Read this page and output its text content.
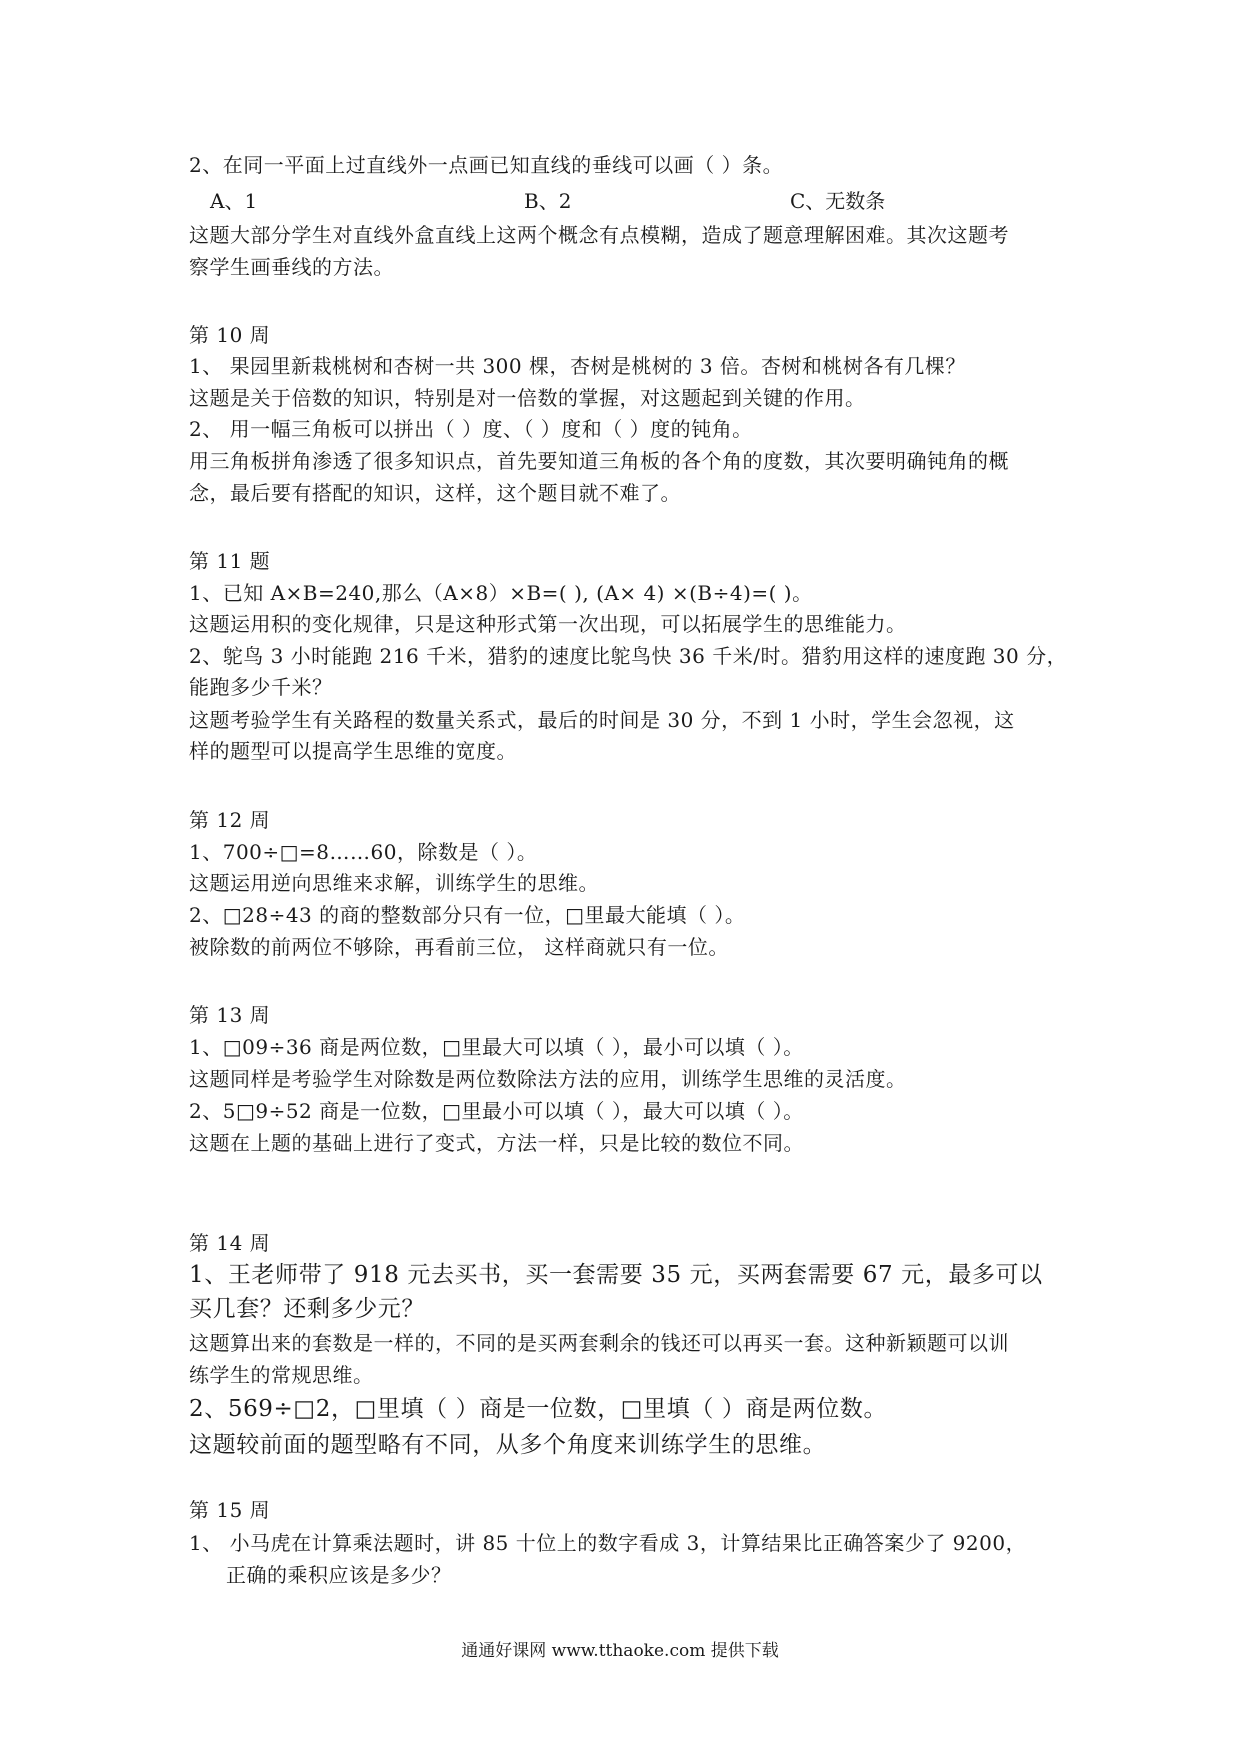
2、在同一平面上过直线外一点画已知直线的垂线可以画（ ）条。
A、1	B、2	C、无数条
这题大部分学生对直线外盒直线上这两个概念有点模糊，造成了题意理解困难。其次这题考
察学生画垂线的方法。
第 10 周
1、 果园里新栽桃树和杏树一共 300 棵，杏树是桃树的 3 倍。杏树和桃树各有几棵？
这题是关于倍数的知识，特别是对一倍数的掌握，对这题起到关键的作用。
2、 用一幅三角板可以拼出（ ）度、（ ）度和（ ）度的钝角。
用三角板拼角渗透了很多知识点，首先要知道三角板的各个角的度数，其次要明确钝角的概
念，最后要有搭配的知识，这样，这个题目就不难了。
第 11 题
1、已知 A×B=240,那么（A×8）×B=( ), (A× 4) ×(B÷4)=( )。
这题运用积的变化规律，只是这种形式第一次出现，可以拓展学生的思维能力。
2、鸵鸟 3 小时能跑 216 千米，猎豹的速度比鸵鸟快 36 千米/时。猎豹用这样的速度跑 30 分，
能跑多少千米？
这题考验学生有关路程的数量关系式，最后的时间是 30 分，不到 1 小时，学生会忽视，这
样的题型可以提高学生思维的宽度。
第 12 周
1、700÷□=8……60，除数是（ ）。
这题运用逆向思维来求解，训练学生的思维。
2、□28÷43 的商的整数部分只有一位，□里最大能填（ ）。
被除数的前两位不够除，再看前三位， 这样商就只有一位。
第 13 周
1、□09÷36 商是两位数，□里最大可以填（ ），最小可以填（ ）。
这题同样是考验学生对除数是两位数除法方法的应用，训练学生思维的灵活度。
2、5□9÷52 商是一位数，□里最小可以填（ ），最大可以填（ ）。
这题在上题的基础上进行了变式，方法一样，只是比较的数位不同。
第 14 周
1、王老师带了 918 元去买书，买一套需要 35 元，买两套需要 67 元，最多可以
买几套？还剩多少元？
这题算出来的套数是一样的，不同的是买两套剩余的钱还可以再买一套。这种新颖题可以训
练学生的常规思维。
2、569÷□2，□里填（ ）商是一位数，□里填（ ）商是两位数。
这题较前面的题型略有不同，从多个角度来训练学生的思维。
第 15 周
1、 小马虎在计算乘法题时，讲 85 十位上的数字看成 3，计算结果比正确答案少了 9200，
正确的乘积应该是多少？
通通好课网 www.tthaoke.com 提供下载
